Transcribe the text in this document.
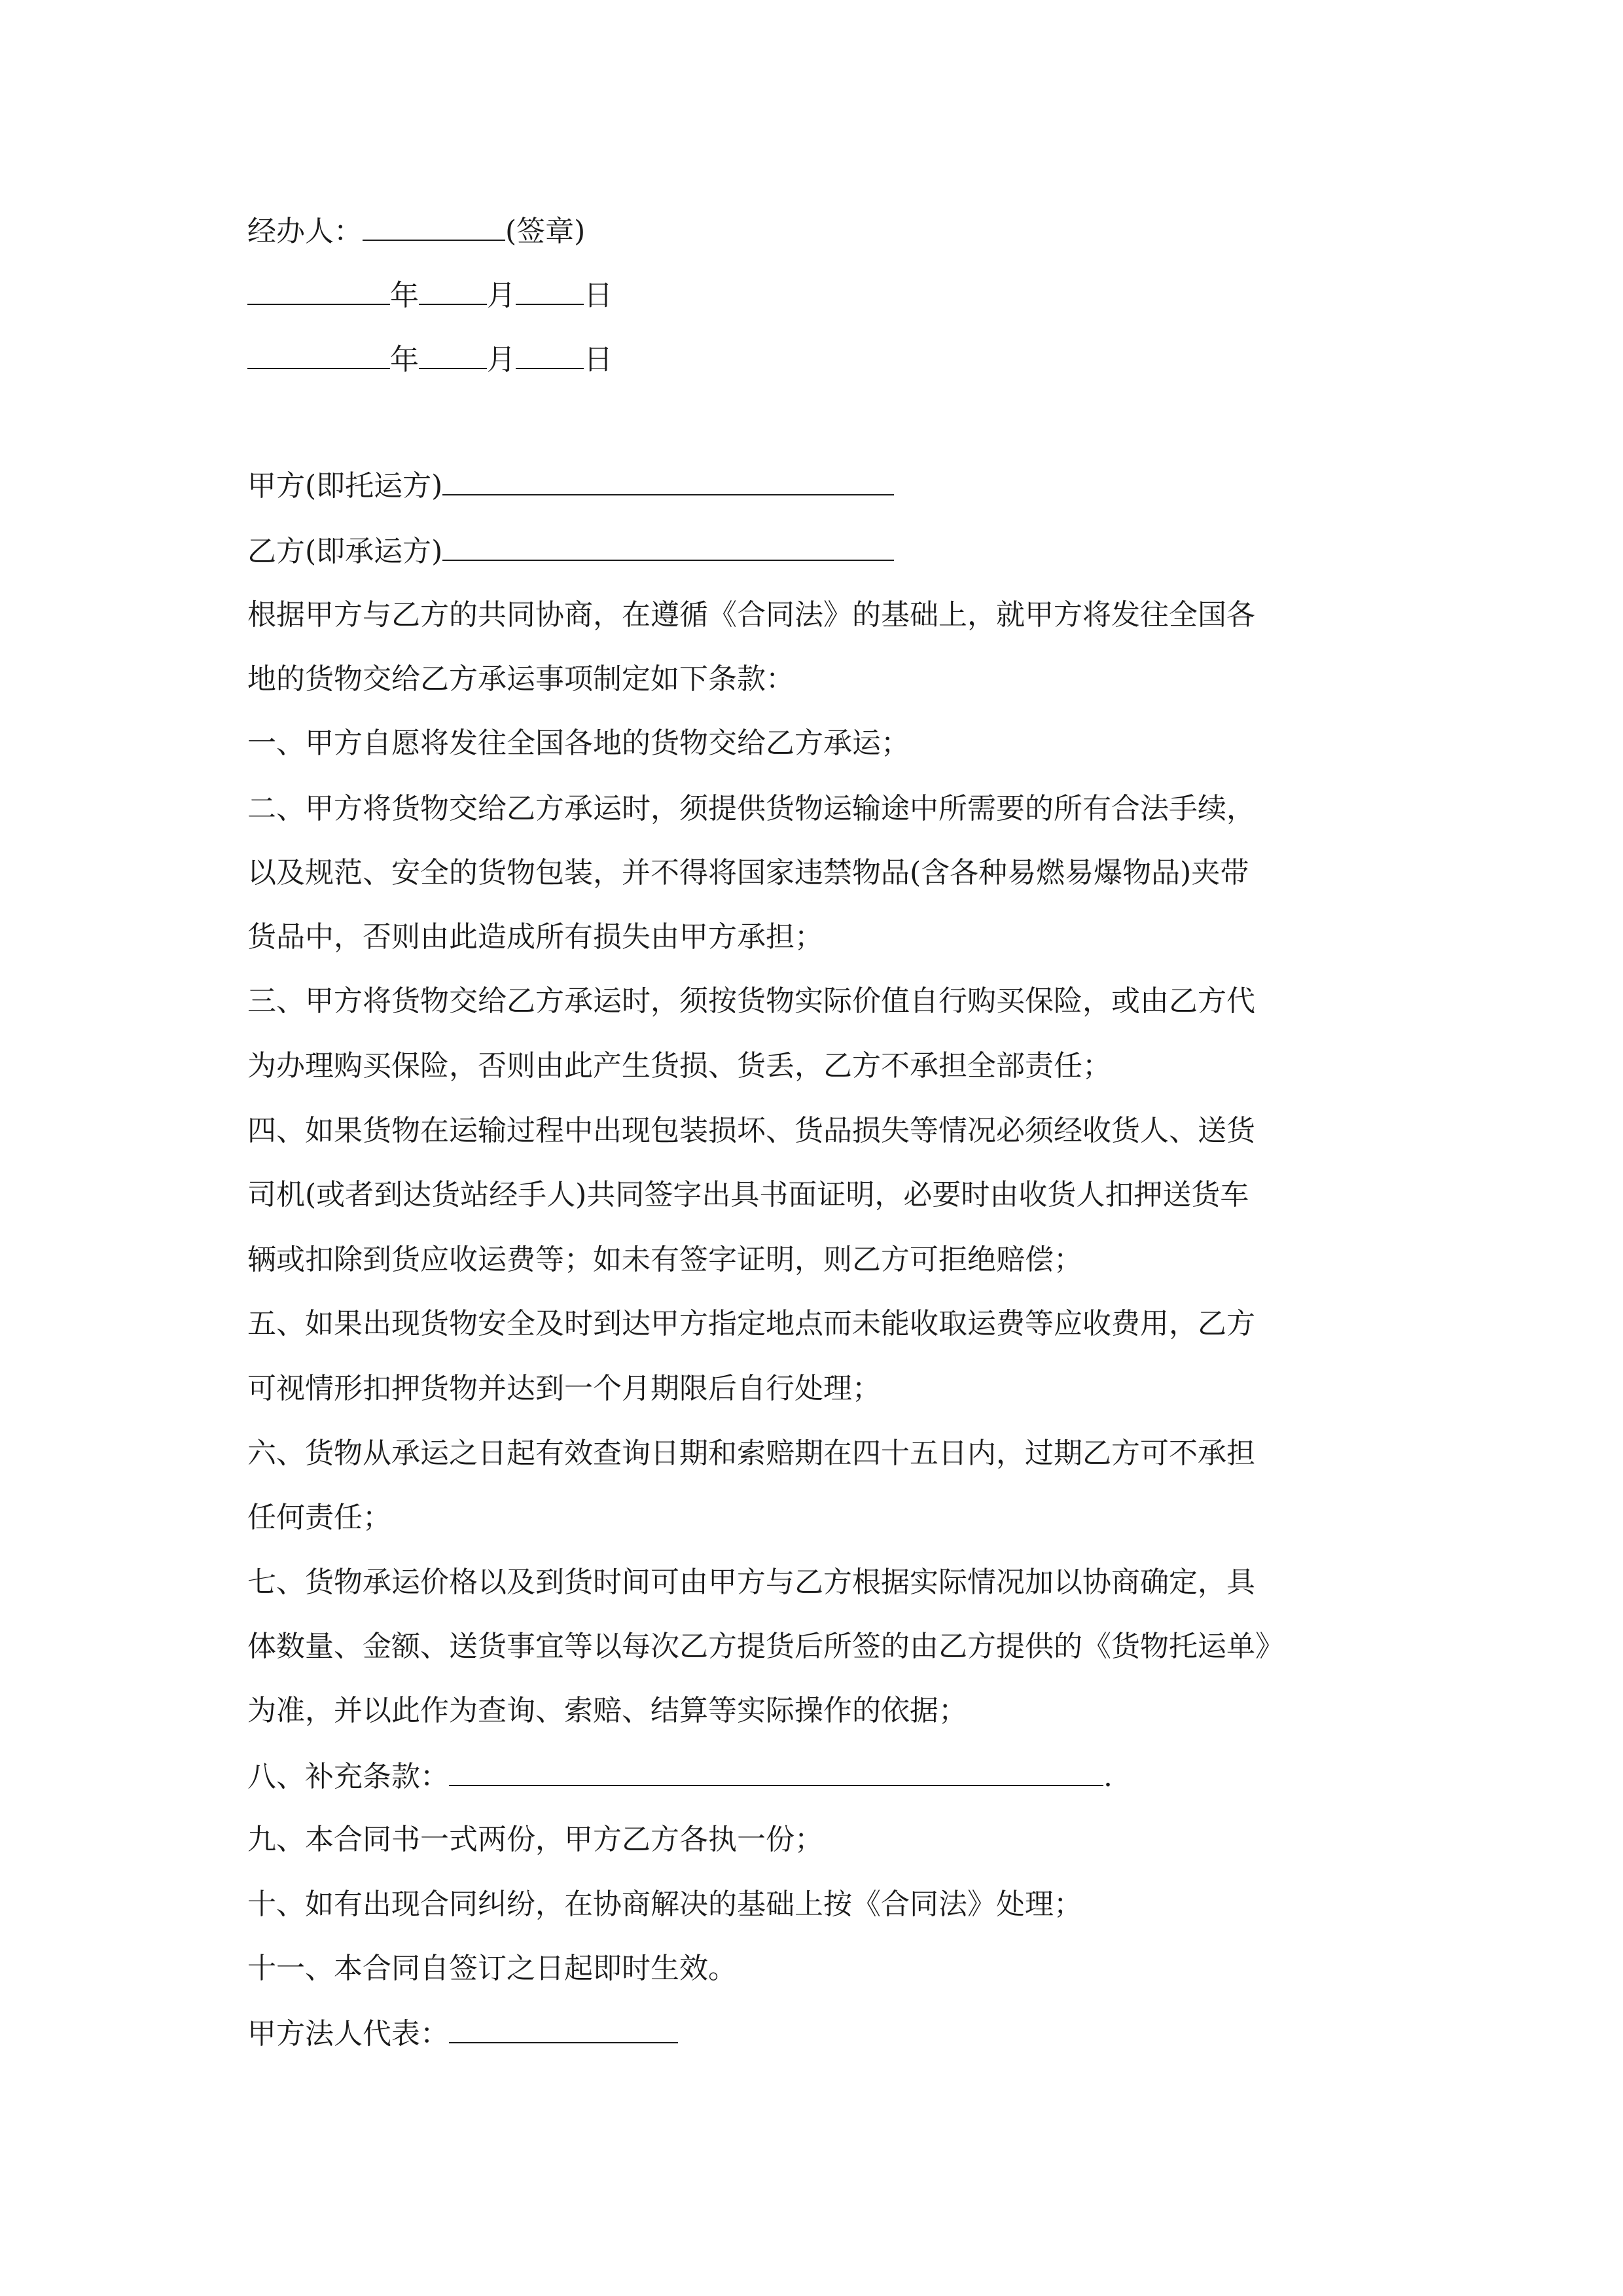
经办人：	(签章)
年 月 日
年 月 日
甲方(即托运方)
乙方(即承运方)
根据甲方与乙方的共同协商，在遵循《合同法》的基础上，就甲方将发往全国各
地的货物交给乙方承运事项制定如下条款：
一、甲方自愿将发往全国各地的货物交给乙方承运；
二、甲方将货物交给乙方承运时，须提供货物运输途中所需要的所有合法手续，
以及规范、安全的货物包装，并不得将国家违禁物品(含各种易燃易爆物品)夹带
货品中，否则由此造成所有损失由甲方承担；
三、甲方将货物交给乙方承运时，须按货物实际价值自行购买保险，或由乙方代
为办理购买保险，否则由此产生货损、货丢，乙方不承担全部责任；
四、如果货物在运输过程中出现包装损坏、货品损失等情况必须经收货人、送货
司机(或者到达货站经手人)共同签字出具书面证明，必要时由收货人扣押送货车
辆或扣除到货应收运费等；如未有签字证明，则乙方可拒绝赔偿；
五、如果出现货物安全及时到达甲方指定地点而未能收取运费等应收费用，乙方
可视情形扣押货物并达到一个月期限后自行处理；
六、货物从承运之日起有效查询日期和索赔期在四十五日内，过期乙方可不承担
任何责任；
七、货物承运价格以及到货时间可由甲方与乙方根据实际情况加以协商确定，具
体数量、金额、送货事宜等以每次乙方提货后所签的由乙方提供的《货物托运单》
为准，并以此作为查询、索赔、结算等实际操作的依据；
八、补充条款：	.
九、本合同书一式两份，甲方乙方各执一份；
十、如有出现合同纠纷，在协商解决的基础上按《合同法》处理；
十一、本合同自签订之日起即时生效。
甲方法人代表：
